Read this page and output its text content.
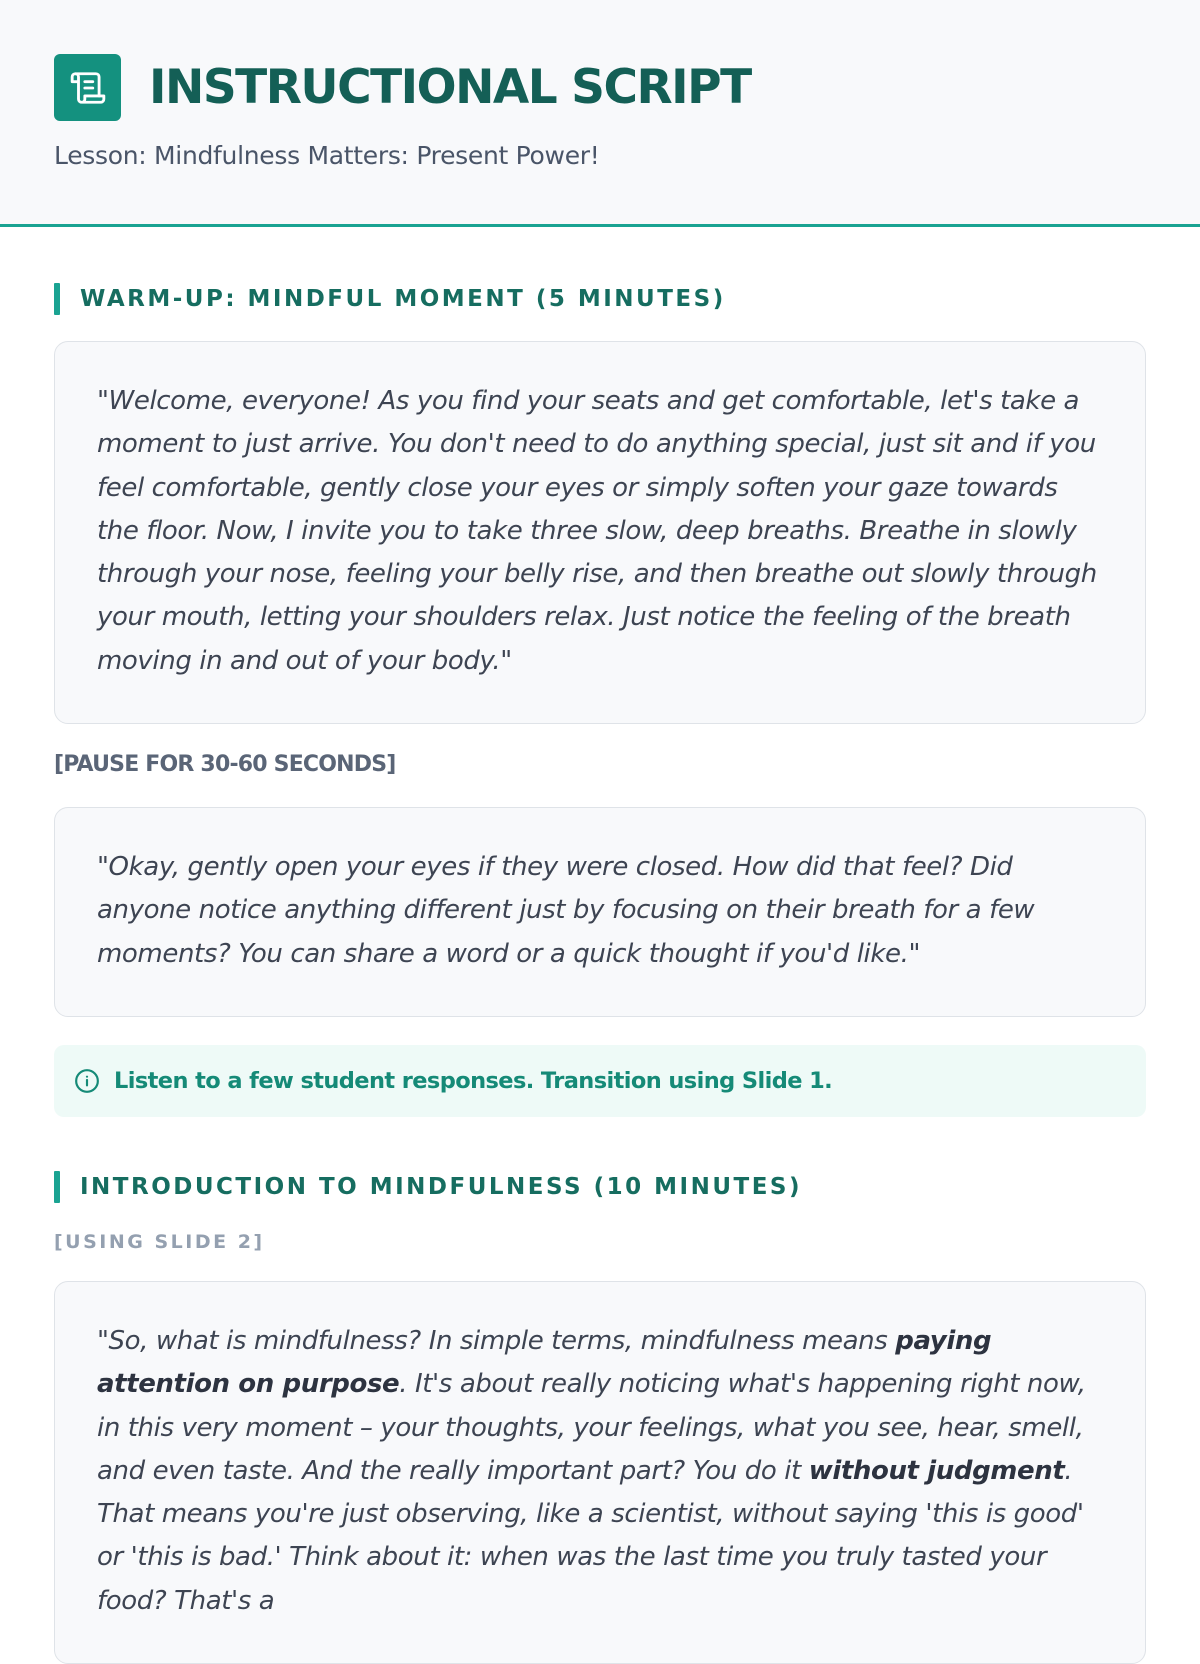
INSTRUCTIONAL SCRIPT
Lesson: Mindfulness Matters: Present Power!
WARM-UP: MINDFUL MOMENT (5 MINUTES)
"Welcome, everyone! As you find your seats and get comfortable, let's take a moment to just arrive. You don't need to do anything special, just sit and if you feel comfortable, gently close your eyes or simply soften your gaze towards the floor. Now, I invite you to take three slow, deep breaths. Breathe in slowly through your nose, feeling your belly rise, and then breathe out slowly through your mouth, letting your shoulders relax. Just notice the feeling of the breath moving in and out of your body."
[PAUSE FOR 30-60 SECONDS]
"Okay, gently open your eyes if they were closed. How did that feel? Did anyone notice anything different just by focusing on their breath for a few moments? You can share a word or a quick thought if you'd like."
Listen to a few student responses. Transition using Slide 1.
INTRODUCTION TO MINDFULNESS (10 MINUTES)
[USING SLIDE 2]
"So, what is mindfulness? In simple terms, mindfulness means paying attention on purpose. It's about really noticing what's happening right now, in this very moment – your thoughts, your feelings, what you see, hear, smell, and even taste. And the really important part? You do it without judgment. That means you're just observing, like a scientist, without saying 'this is good' or 'this is bad.' Think about it: when was the last time you truly tasted your food? That's a
